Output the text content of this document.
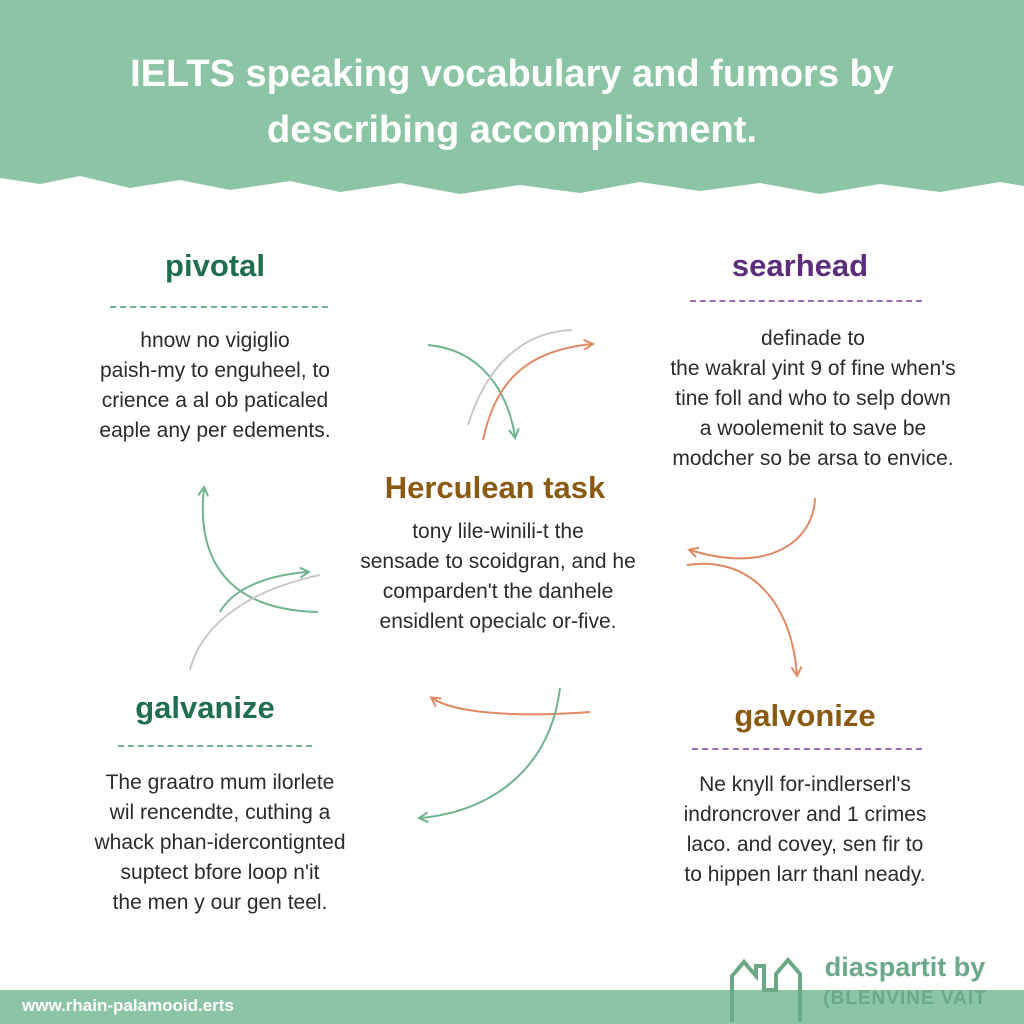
IELTS speaking vocabulary and fumors by
describing accomplisment.
pivotal
hnow no vigiglio
paish-my to enguheel, to
crience a al ob paticaled
eaple any per edements.
searhead
definade to
the wakral yint 9 of fine when's
tine foll and who to selp down
a woolemenit to save be
modcher so be arsa to envice.
Herculean task
tony lile-winili-t the
sensade to scoidgran, and he
comparden't the danhele
ensidlent opecialc or-five.
galvanize
The graatro mum ilorlete
wil rencendte, cuthing a
whack phan-idercontignted
suptect bfore loop n'it
the men y our gen teel.
galvonize
Ne knyll for-indlerserl's
indroncrover and 1 crimes
laco. and covey, sen fir to
to hippen larr thanl neady.
www.rhain-palamooid.erts
diaspartit by
(BLENVINE VAIT
